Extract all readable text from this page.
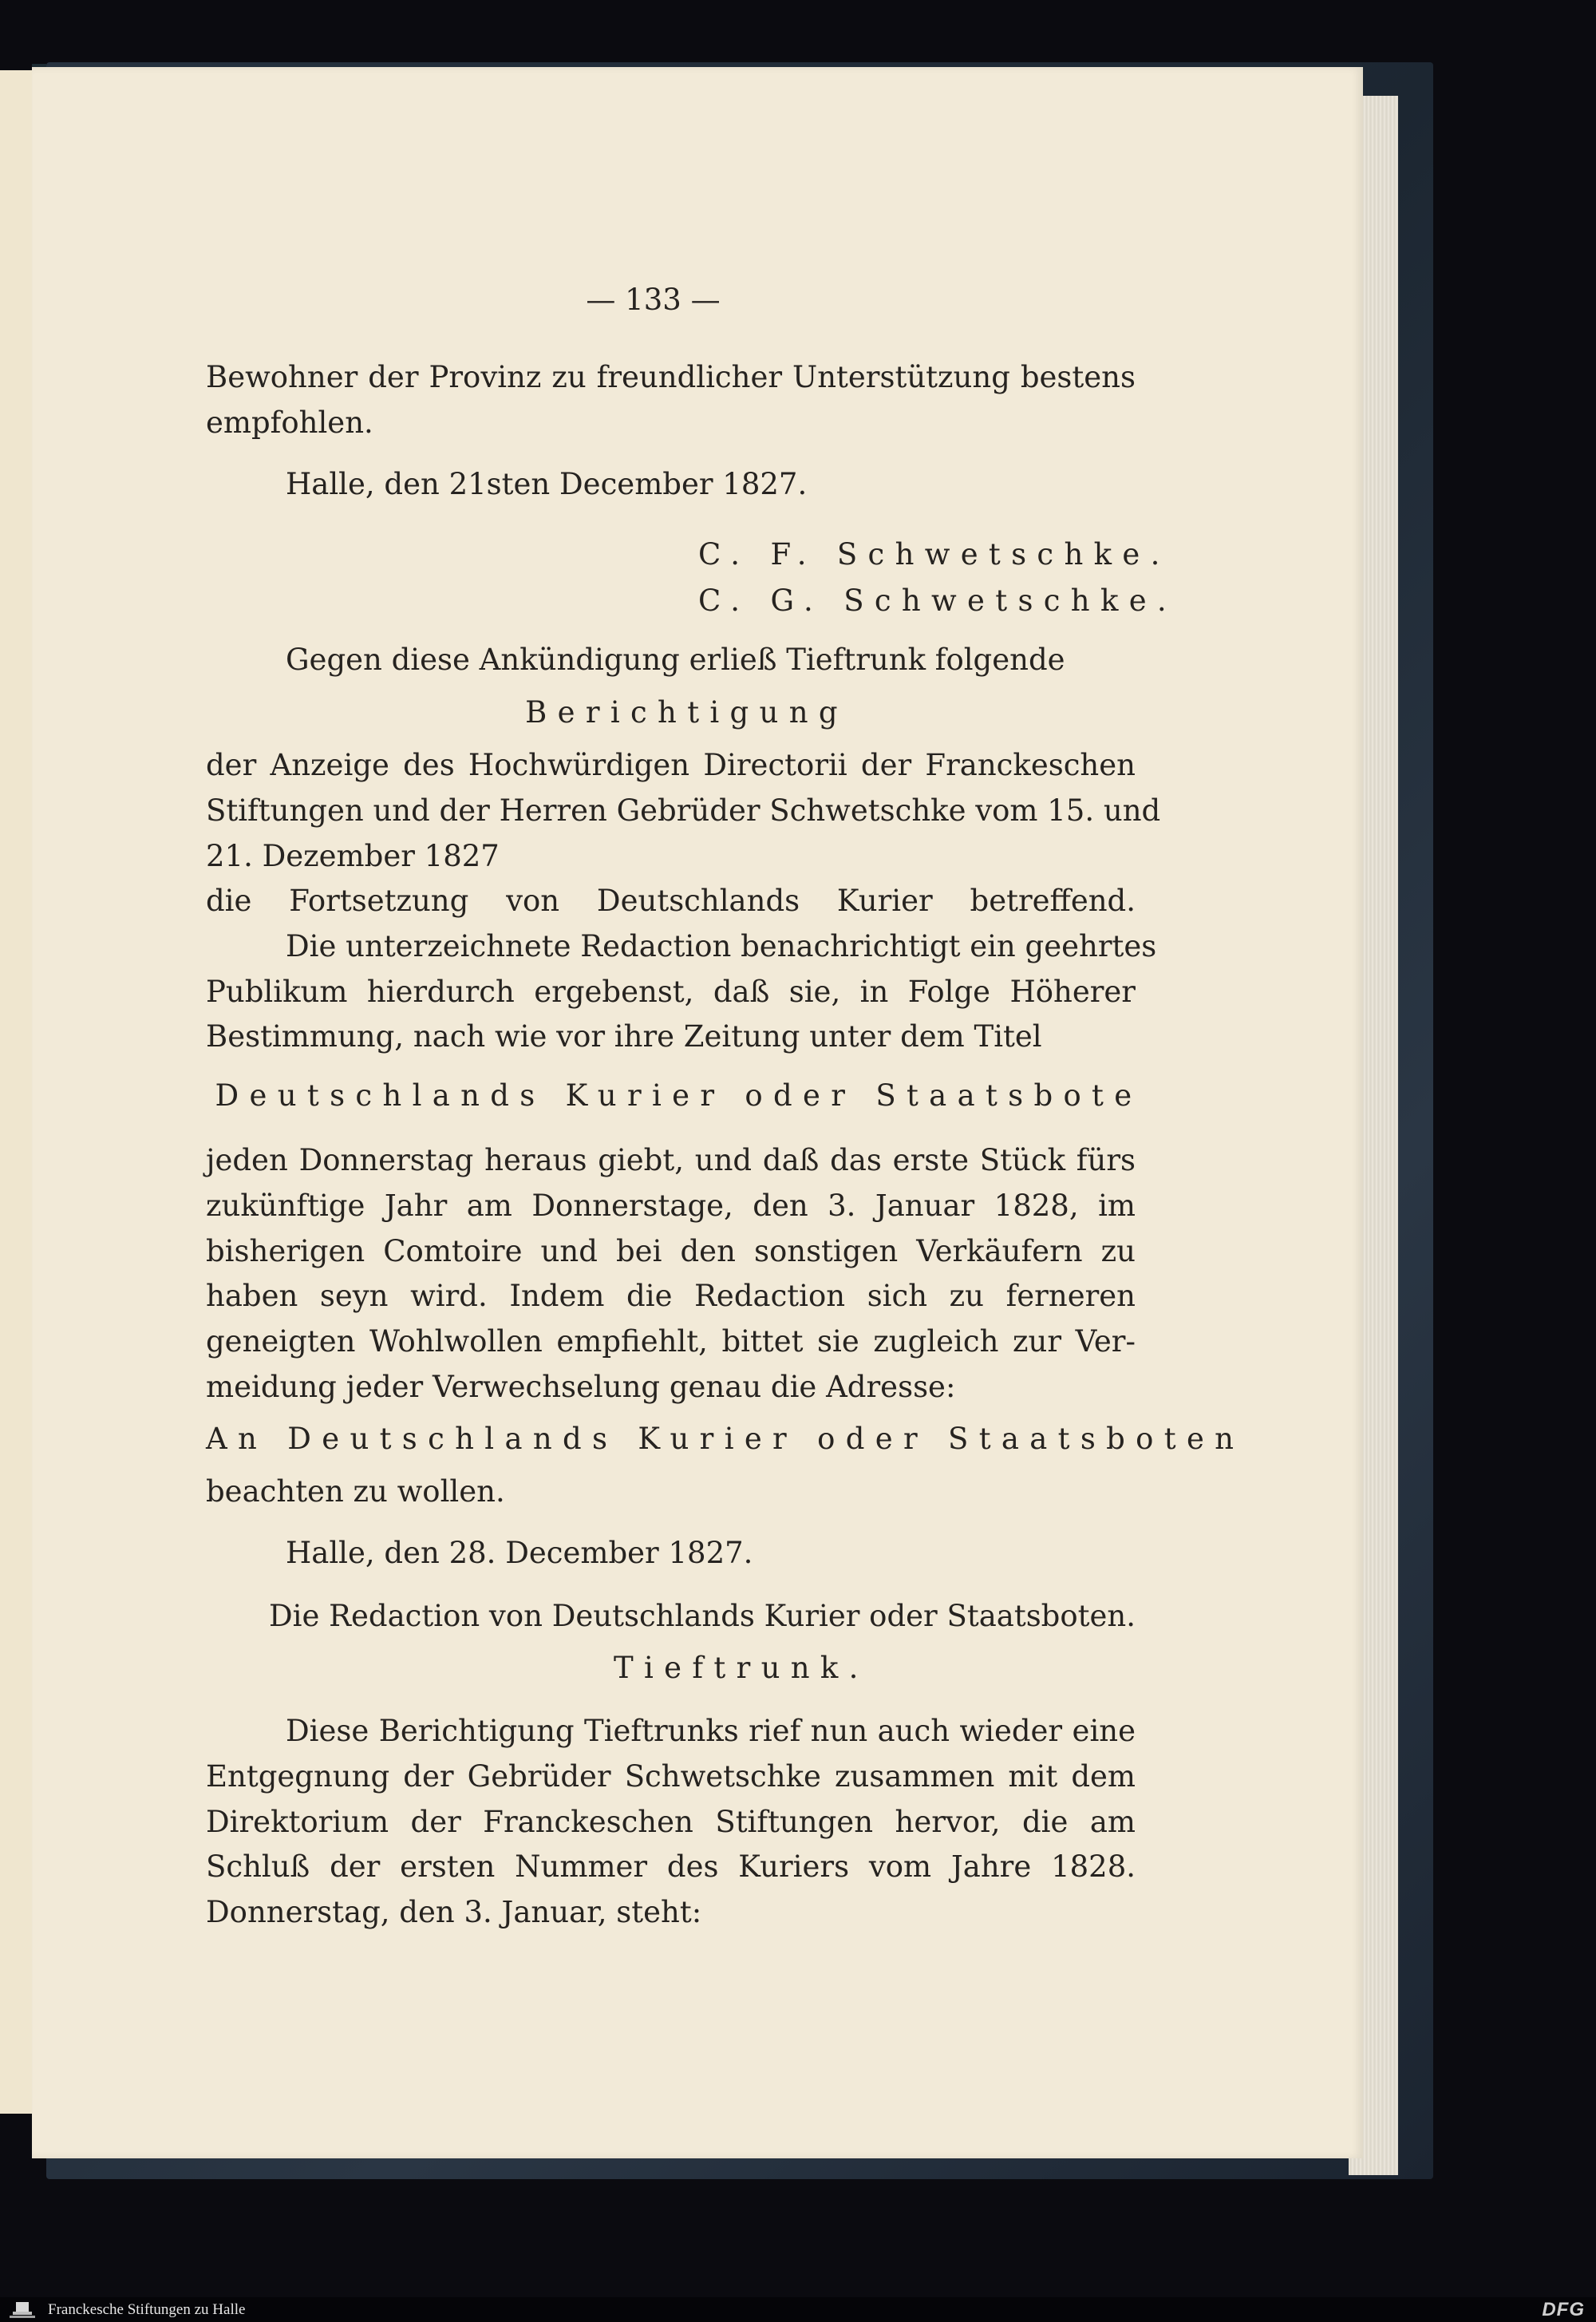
— 133 —

Bewohner der Provinz zu freundlicher Unterstützung bestens

empfohlen.

Halle, den 21sten December 1827.

C. F. Schwetschke.

C. G. Schwetschke.

Gegen diese Ankündigung erließ Tieftrunk folgende

Berichtigung

der Anzeige des Hochwürdigen Directorii der Franckeschen

Stiftungen und der Herren Gebrüder Schwetschke vom 15. und

21. Dezember 1827

die Fortsetzung von Deutschlands Kurier betreffend.

Die unterzeichnete Redaction benachrichtigt ein geehrtes

Publikum hierdurch ergebenst, daß sie, in Folge Höherer

Bestimmung, nach wie vor ihre Zeitung unter dem Titel

Deutschlands Kurier oder Staatsbote

jeden Donnerstag heraus giebt, und daß das erste Stück fürs

zukünftige Jahr am Donnerstage, den 3. Januar 1828, im

bisherigen Comtoire und bei den sonstigen Verkäufern zu

haben seyn wird. Indem die Redaction sich zu ferneren

geneigten Wohlwollen empfiehlt, bittet sie zugleich zur Ver-

meidung jeder Verwechselung genau die Adresse:

An Deutschlands Kurier oder Staatsboten

beachten zu wollen.

Halle, den 28. December 1827.

Die Redaction von Deutschlands Kurier oder Staatsboten.

Tieftrunk.

Diese Berichtigung Tieftrunks rief nun auch wieder eine

Entgegnung der Gebrüder Schwetschke zusammen mit dem

Direktorium der Franckeschen Stiftungen hervor, die am

Schluß der ersten Nummer des Kuriers vom Jahre 1828.

Donnerstag, den 3. Januar, steht:

Franckesche Stiftungen zu Halle	DFG
